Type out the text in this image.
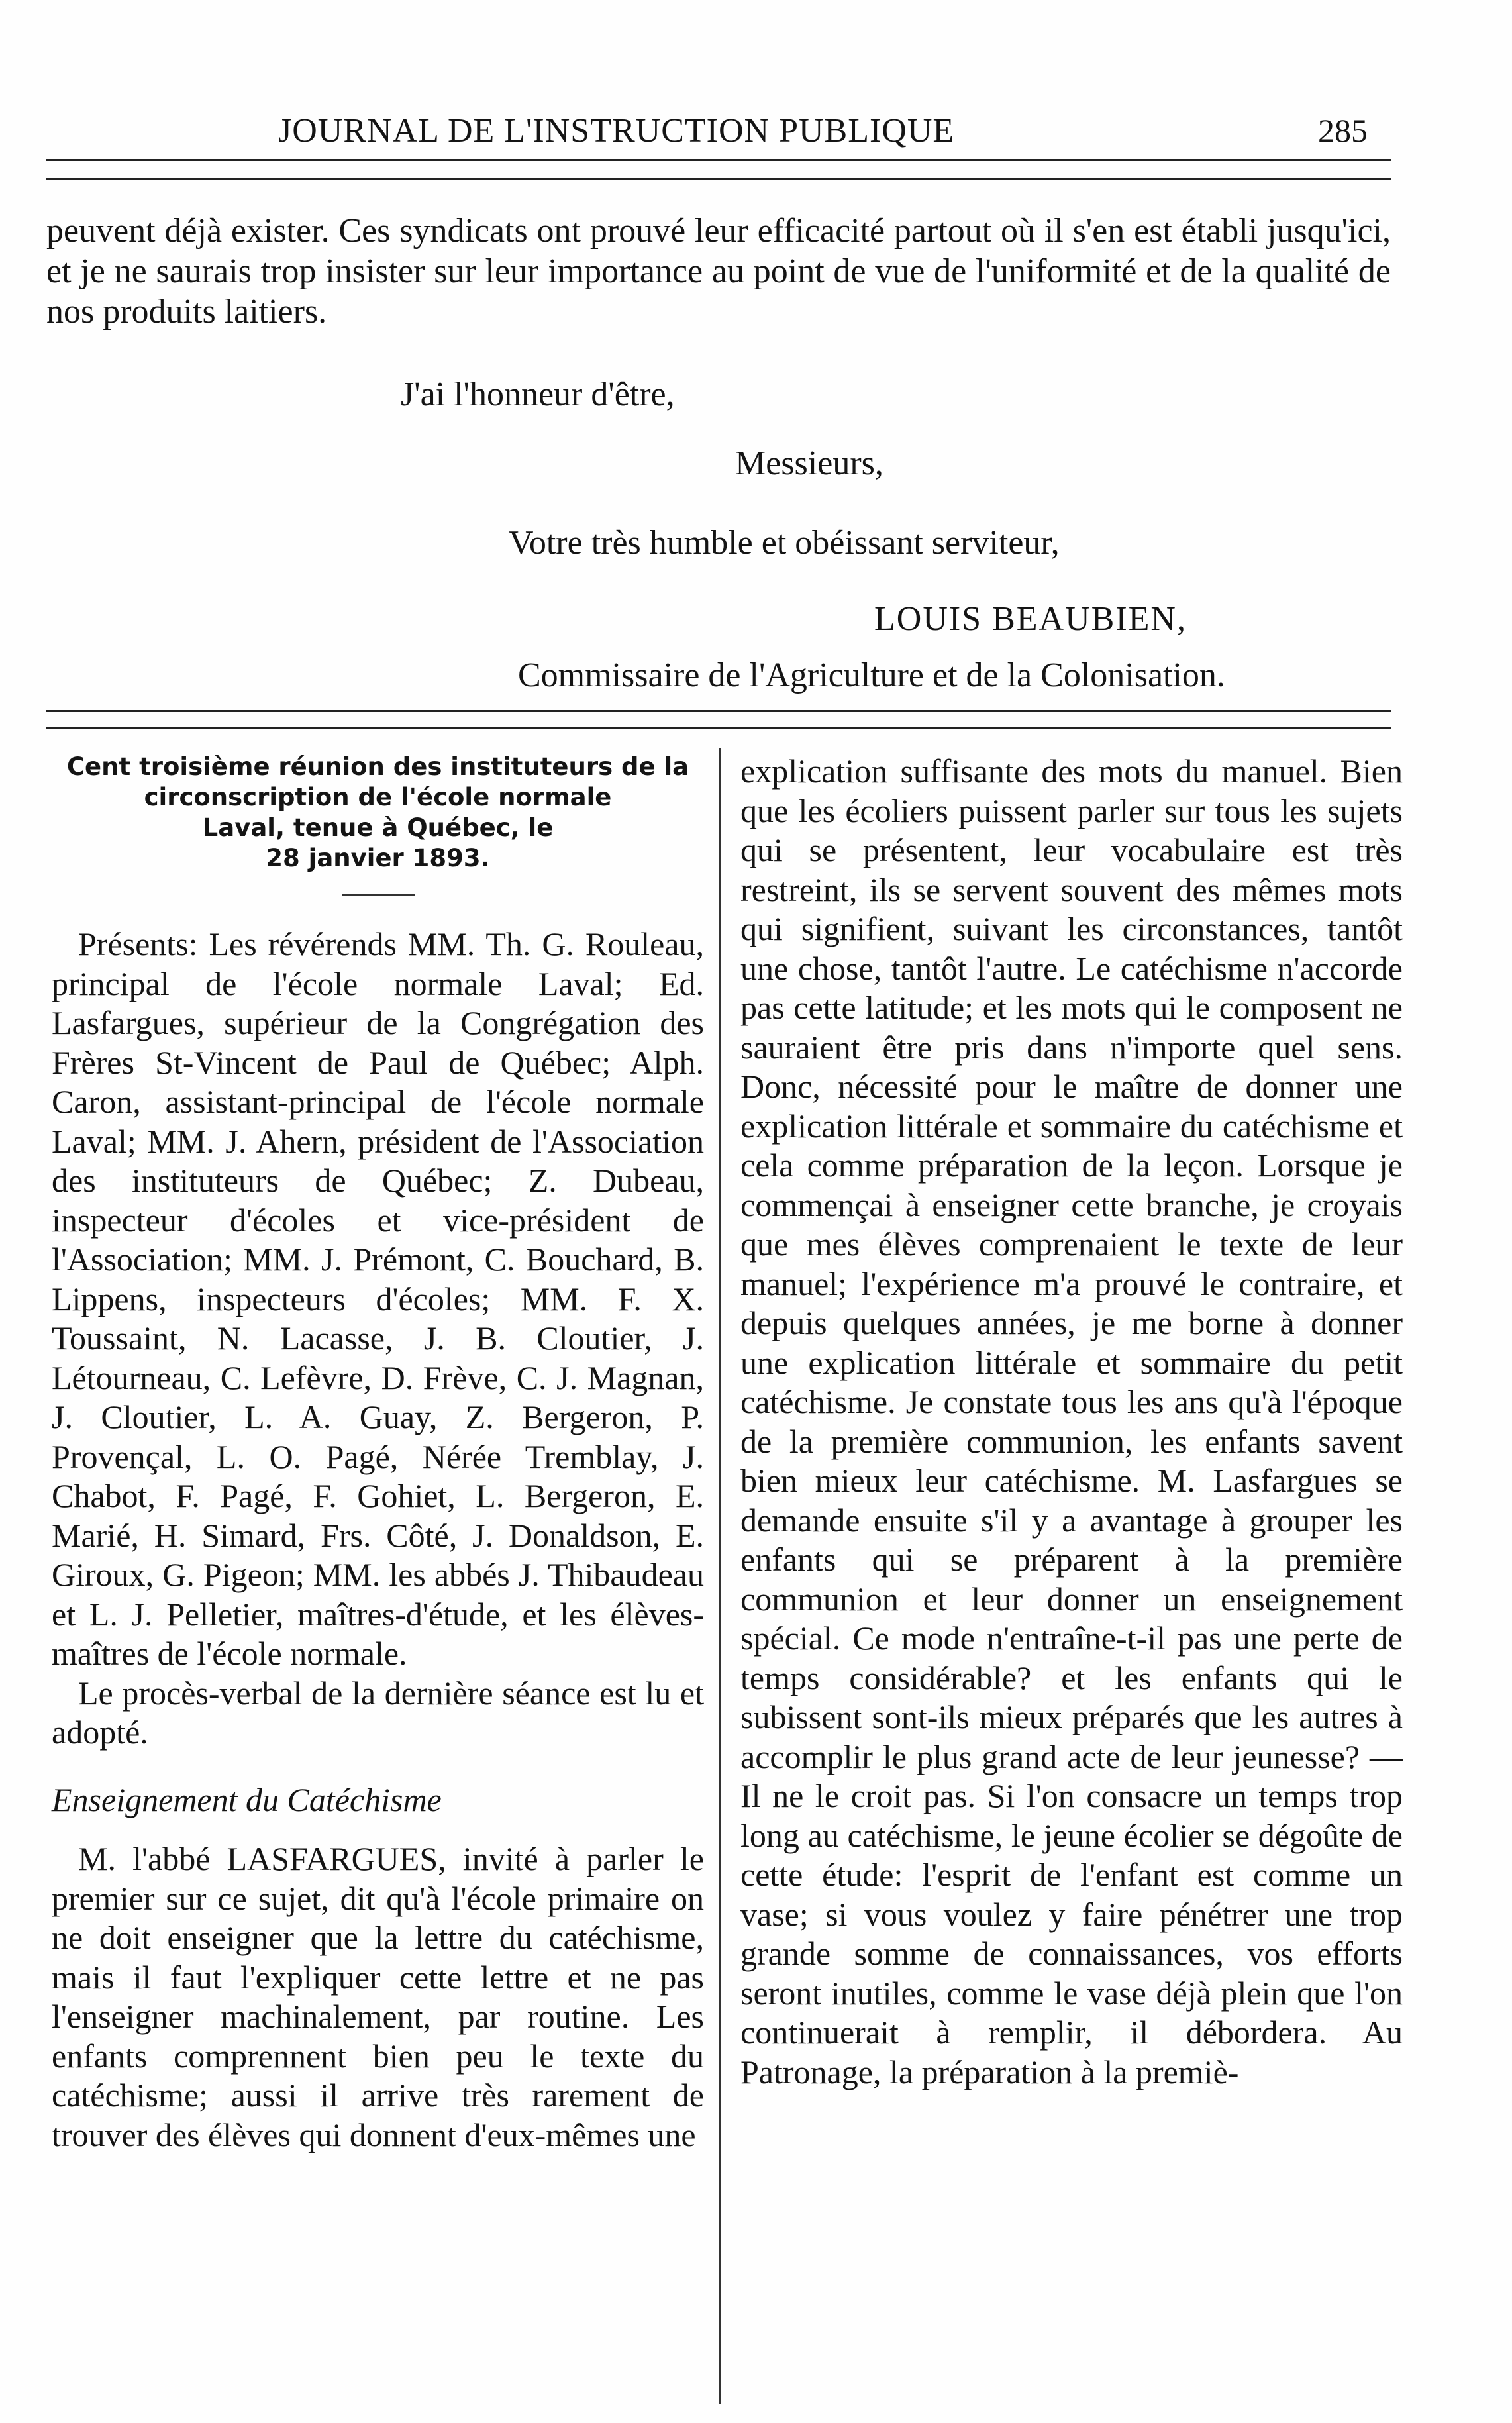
JOURNAL DE L'INSTRUCTION PUBLIQUE	285

peuvent déjà exister. Ces syndicats ont prouvé leur efficacité partout où il s'en est établi jusqu'ici, et je ne saurais trop insister sur leur importance au point de vue de l'uniformité et de la qualité de nos produits laitiers.

J'ai l'honneur d'être,
Messieurs,
Votre très humble et obéissant serviteur,
LOUIS BEAUBIEN,
Commissaire de l'Agriculture et de la Colonisation.
Cent troisième réunion des instituteurs de la
circonscription de l'école normale
Laval, tenue à Québec, le
28 janvier 1893.

Présents: Les révérends MM. Th. G. Rouleau, principal de l'école normale Laval; Ed. Lasfargues, supérieur de la Congrégation des Frères St-Vincent de Paul de Québec; Alph. Caron, assistant-principal de l'école normale Laval; MM. J. Ahern, président de l'Association des instituteurs de Québec; Z. Dubeau, inspecteur d'écoles et vice-président de l'Association; MM. J. Prémont, C. Bouchard, B. Lippens, inspecteurs d'écoles; MM. F. X. Toussaint, N. Lacasse, J. B. Cloutier, J. Létourneau, C. Lefèvre, D. Frève, C. J. Magnan, J. Cloutier, L. A. Guay, Z. Bergeron, P. Provençal, L. O. Pagé, Nérée Tremblay, J. Chabot, F. Pagé, F. Gohiet, L. Bergeron, E. Marié, H. Simard, Frs. Côté, J. Donaldson, E. Giroux, G. Pigeon; MM. les abbés J. Thibaudeau et L. J. Pelletier, maîtres-d'étude, et les élèves-maîtres de l'école normale.

Le procès-verbal de la dernière séance est lu et adopté.

Enseignement du Catéchisme

M. l'abbé LASFARGUES, invité à parler le premier sur ce sujet, dit qu'à l'école primaire on ne doit enseigner que la lettre du catéchisme, mais il faut l'expliquer cette lettre et ne pas l'enseigner machinalement, par routine. Les enfants comprennent bien peu le texte du catéchisme; aussi il arrive très rarement de trouver des élèves qui donnent d'eux-mêmes une

explication suffisante des mots du manuel. Bien que les écoliers puissent parler sur tous les sujets qui se présentent, leur vocabulaire est très restreint, ils se servent souvent des mêmes mots qui signifient, suivant les circonstances, tantôt une chose, tantôt l'autre. Le catéchisme n'accorde pas cette latitude; et les mots qui le composent ne sauraient être pris dans n'importe quel sens. Donc, nécessité pour le maître de donner une explication littérale et sommaire du catéchisme et cela comme préparation de la leçon. Lorsque je commençai à enseigner cette branche, je croyais que mes élèves comprenaient le texte de leur manuel; l'expérience m'a prouvé le contraire, et depuis quelques années, je me borne à donner une explication littérale et sommaire du petit catéchisme. Je constate tous les ans qu'à l'époque de la première communion, les enfants savent bien mieux leur catéchisme. M. Lasfargues se demande ensuite s'il y a avantage à grouper les enfants qui se préparent à la première communion et leur donner un enseignement spécial. Ce mode n'entraîne-t-il pas une perte de temps considérable? et les enfants qui le subissent sont-ils mieux préparés que les autres à accomplir le plus grand acte de leur jeunesse? —Il ne le croit pas. Si l'on consacre un temps trop long au catéchisme, le jeune écolier se dégoûte de cette étude: l'esprit de l'enfant est comme un vase; si vous voulez y faire pénétrer une trop grande somme de connaissances, vos efforts seront inutiles, comme le vase déjà plein que l'on continuerait à remplir, il débordera. Au Patronage, la préparation à la premiè-
